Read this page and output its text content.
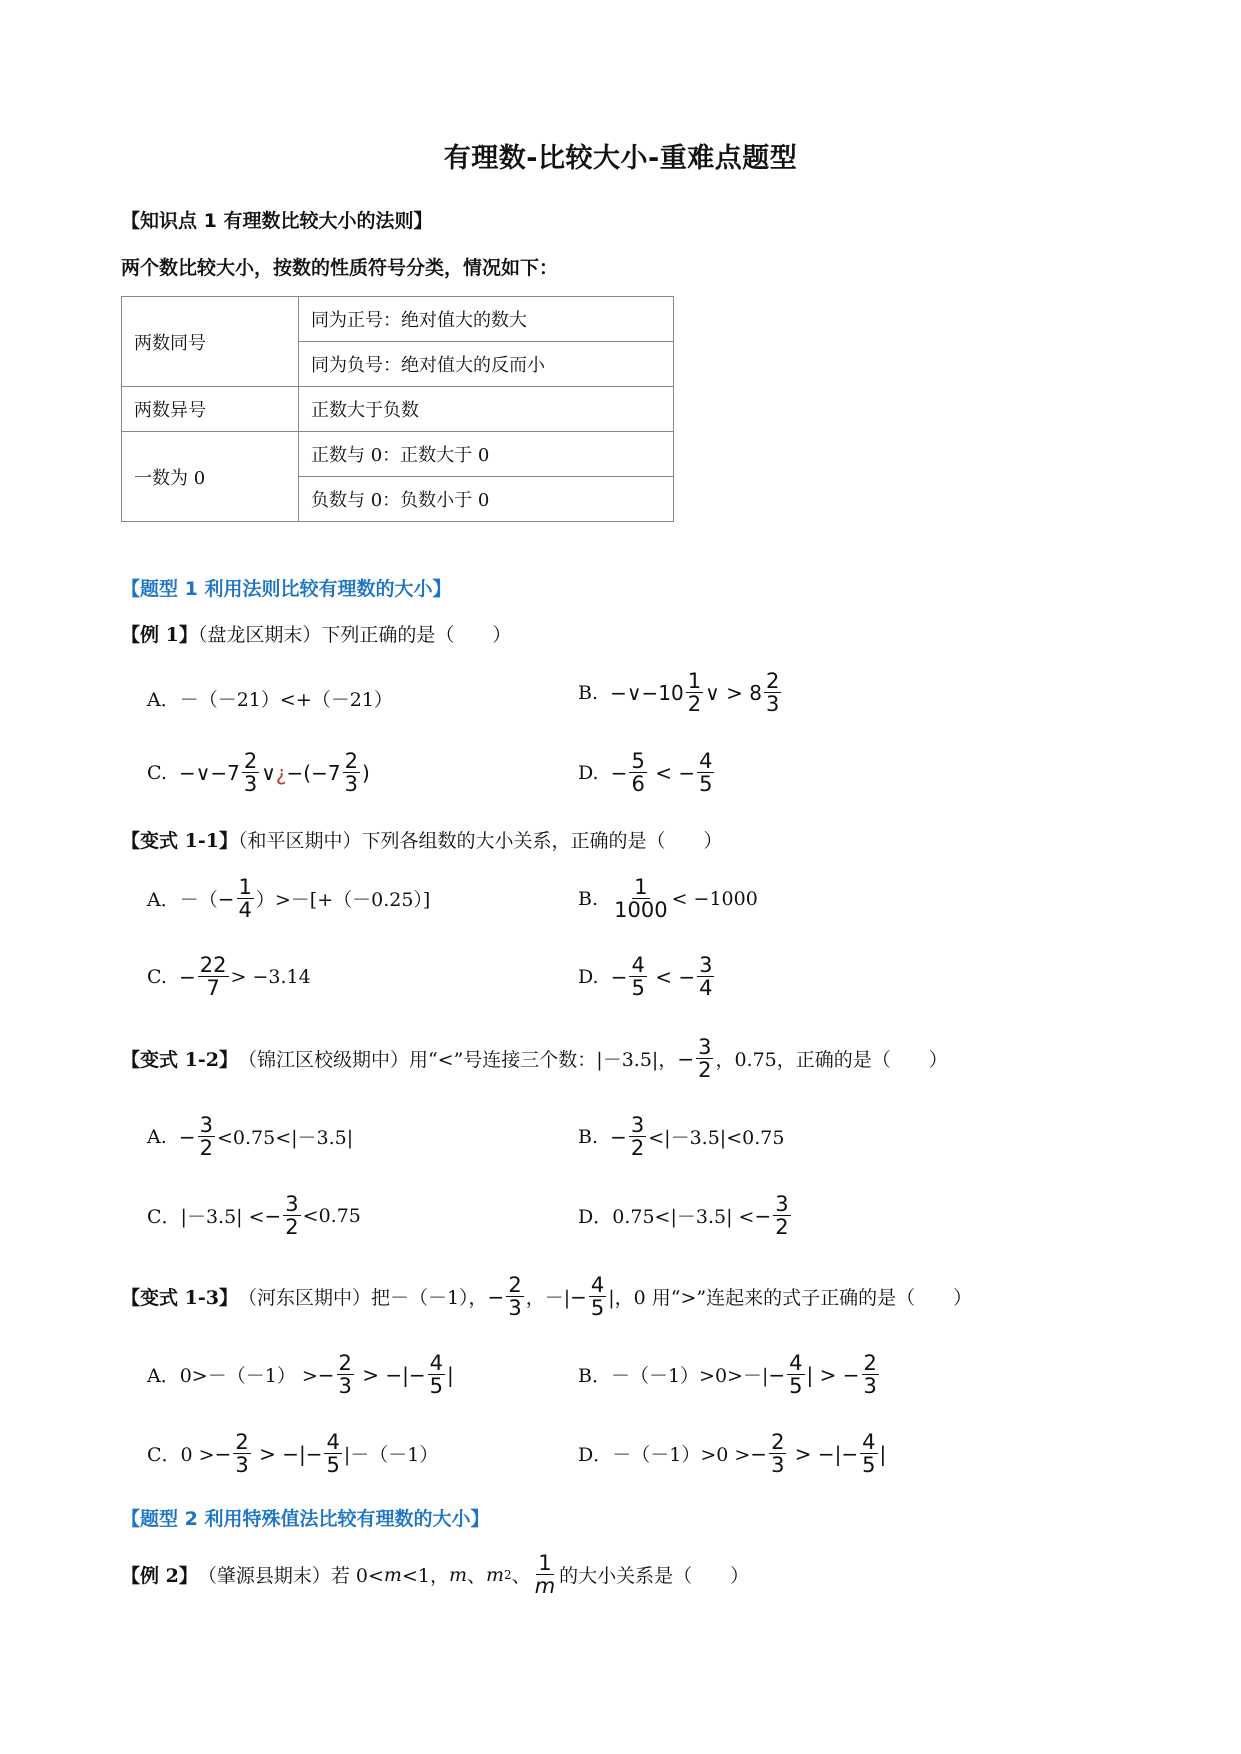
有理数-比较大小-重难点题型
【知识点 1 有理数比较大小的法则】
两个数比较大小，按数的性质符号分类，情况如下：
两数同号	同为正号：绝对值大的数大
	同为负号：绝对值大的反而小
两数异号	正数大于负数
一数为 0	正数与 0：正数大于 0
	负数与 0：负数小于 0
【题型 1 利用法则比较有理数的大小】
【例 1】（盘龙区期末）下列正确的是（　　）
A．－（－21）<+（－21）	B.
−∨−10 $\frac{1}{2}$ ∨ > $8 \frac{2}{3}$
C.
−∨−7 $\frac{2}{3}$ ∨ ¿ $-(-7 \frac{2}{3}$ )	D.
− $\frac{5}{6}$ < − $\frac{4}{5}$
【变式 1-1】（和平区期中）下列各组数的大小关系，正确的是（　　）
A．－（ − $\frac{1}{4} )>-[+(-0.25)]$	B.
$\frac{1}{1000} < -1000$
C.
− $\frac{22}{7} > -3.14$	D.
− $\frac{4}{5}$ < − $\frac{3}{4}$
【变式 1-2】 （锦江区校级期中）用“<”号连接三个数：|－3.5|， − $\frac{3}{2}$ ，0.75，正确的是（　　）
A.
− $\frac{3}{2} <0.75<|-3.5|$	B.
− $\frac{3}{2} <|-3.5|<0.75$
C．|－3.5| < − $\frac{3}{2} <0.75$	D．0.75<|－3.5| < − $\frac{3}{2}$
【变式 1-3】 （河东区期中）把－（－1）， − $\frac{2}{3}$ ，－| − $\frac{4}{5}$ |，0 用“>”连起来的式子正确的是（　　）
A．0>－（－1） > − $\frac{2}{3}$ > −|− $\frac{4}{5}$ |	B．$-(-1)>0>-| - \frac{4}{5}$ | > − $\frac{2}{3}$
C．0 > − $\frac{2}{3}$ > −|− $\frac{4}{5} |-(-1)$	D．－（－1）>0 > − $\frac{2}{3}$ > −|− $\frac{4}{5}$ |
【题型 2 利用特殊值法比较有理数的大小】
【例 2】 （肇源县期末）若 0< m <1， m 、 m 2 、 $\frac{1}{m}$ 的大小关系是（　　）
